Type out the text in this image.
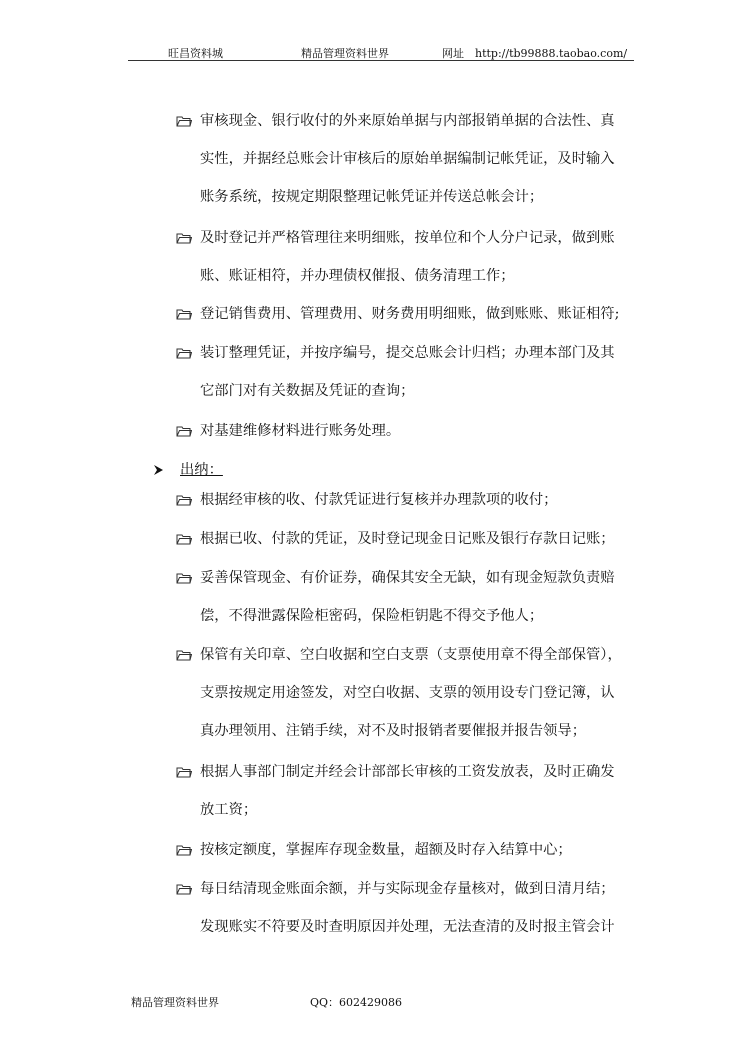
旺昌资料城	精品管理资料世界	网址　http://tb99888.taobao.com/
审核现金、银行收付的外来原始单据与内部报销单据的合法性、真
实性，并据经总账会计审核后的原始单据编制记帐凭证，及时输入
账务系统，按规定期限整理记帐凭证并传送总帐会计；
及时登记并严格管理往来明细账，按单位和个人分户记录，做到账
账、账证相符，并办理债权催报、债务清理工作；
登记销售费用、管理费用、财务费用明细账，做到账账、账证相符;
装订整理凭证，并按序编号，提交总账会计归档；办理本部门及其
它部门对有关数据及凭证的查询；
对基建维修材料进行账务处理。
出纳：
根据经审核的收、付款凭证进行复核并办理款项的收付；
根据已收、付款的凭证，及时登记现金日记账及银行存款日记账；
妥善保管现金、有价证券，确保其安全无缺，如有现金短款负责赔
偿，不得泄露保险柜密码，保险柜钥匙不得交予他人；
保管有关印章、空白收据和空白支票（支票使用章不得全部保管），
支票按规定用途签发，对空白收据、支票的领用设专门登记簿，认
真办理领用、注销手续，对不及时报销者要催报并报告领导；
根据人事部门制定并经会计部部长审核的工资发放表，及时正确发
放工资；
按核定额度，掌握库存现金数量，超额及时存入结算中心；
每日结清现金账面余额，并与实际现金存量核对，做到日清月结；
发现账实不符要及时查明原因并处理，无法查清的及时报主管会计
精品管理资料世界	QQ：602429086
